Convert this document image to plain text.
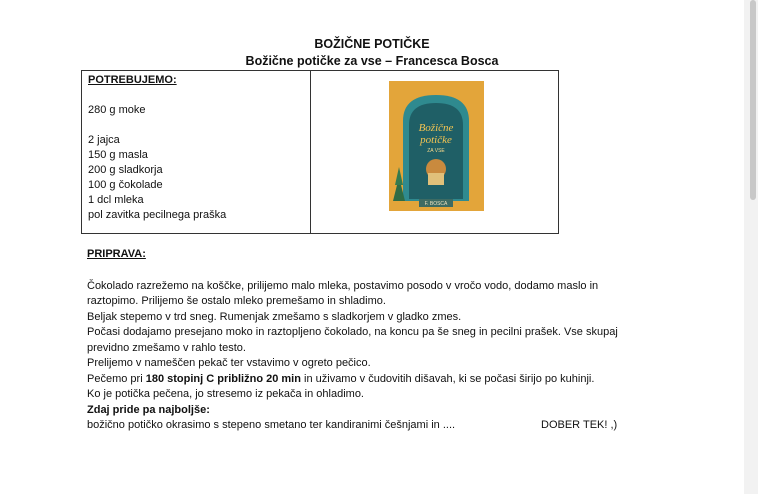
BOŽIČNE POTIČKE
Božične potičke za vse – Francesca Bosca
POTREBUJEMO:
280 g moke
2 jajca
150 g masla
200 g sladkorja
100 g čokolade
1 dcl mleka
pol zavitka pecilnega praška
Božične
potičke
ZA VSE
F. BOSCA
PRIPRAVA:
Čokolado razrežemo na koščke, prilijemo malo mleka, postavimo posodo v vročo vodo, dodamo maslo in
raztopimo. Prilijemo še ostalo mleko premešamo in shladimo.
Beljak stepemo v trd sneg. Rumenjak zmešamo s sladkorjem v gladko zmes.
Počasi dodajamo presejano moko in raztopljeno čokolado, na koncu pa še sneg in pecilni prašek. Vse skupaj
previdno zmešamo v rahlo testo.
Prelijemo v nameščen pekač ter vstavimo v ogreto pečico.
Pečemo pri 180 stopinj C približno 20 min in uživamo v čudovitih dišavah, ki se počasi širijo po kuhinji.
Ko je potička pečena, jo stresemo iz pekača in ohladimo.
Zdaj pride pa najboljše:
božično potičko okrasimo s stepeno smetano ter kandiranimi češnjami in ....	DOBER TEK! ,)
